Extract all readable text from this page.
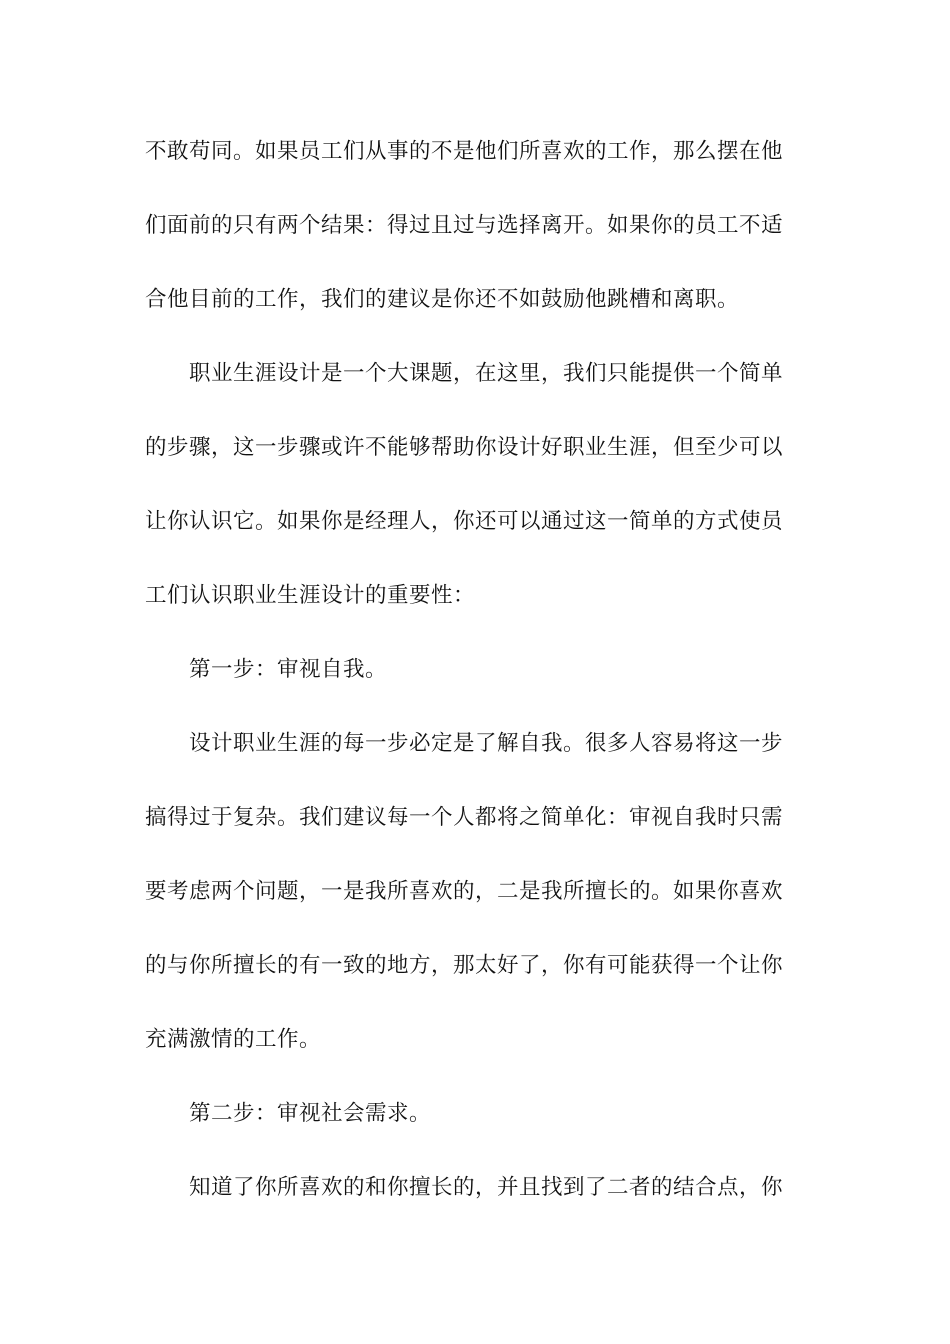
不敢苟同。如果员工们从事的不是他们所喜欢的工作，那么摆在他
们面前的只有两个结果：得过且过与选择离开。如果你的员工不适
合他目前的工作，我们的建议是你还不如鼓励他跳槽和离职。
职业生涯设计是一个大课题，在这里，我们只能提供一个简单
的步骤，这一步骤或许不能够帮助你设计好职业生涯，但至少可以
让你认识它。如果你是经理人，你还可以通过这一简单的方式使员
工们认识职业生涯设计的重要性：
第一步：审视自我。
设计职业生涯的每一步必定是了解自我。很多人容易将这一步
搞得过于复杂。我们建议每一个人都将之简单化：审视自我时只需
要考虑两个问题，一是我所喜欢的，二是我所擅长的。如果你喜欢
的与你所擅长的有一致的地方，那太好了，你有可能获得一个让你
充满激情的工作。
第二步：审视社会需求。
知道了你所喜欢的和你擅长的，并且找到了二者的结合点，你
